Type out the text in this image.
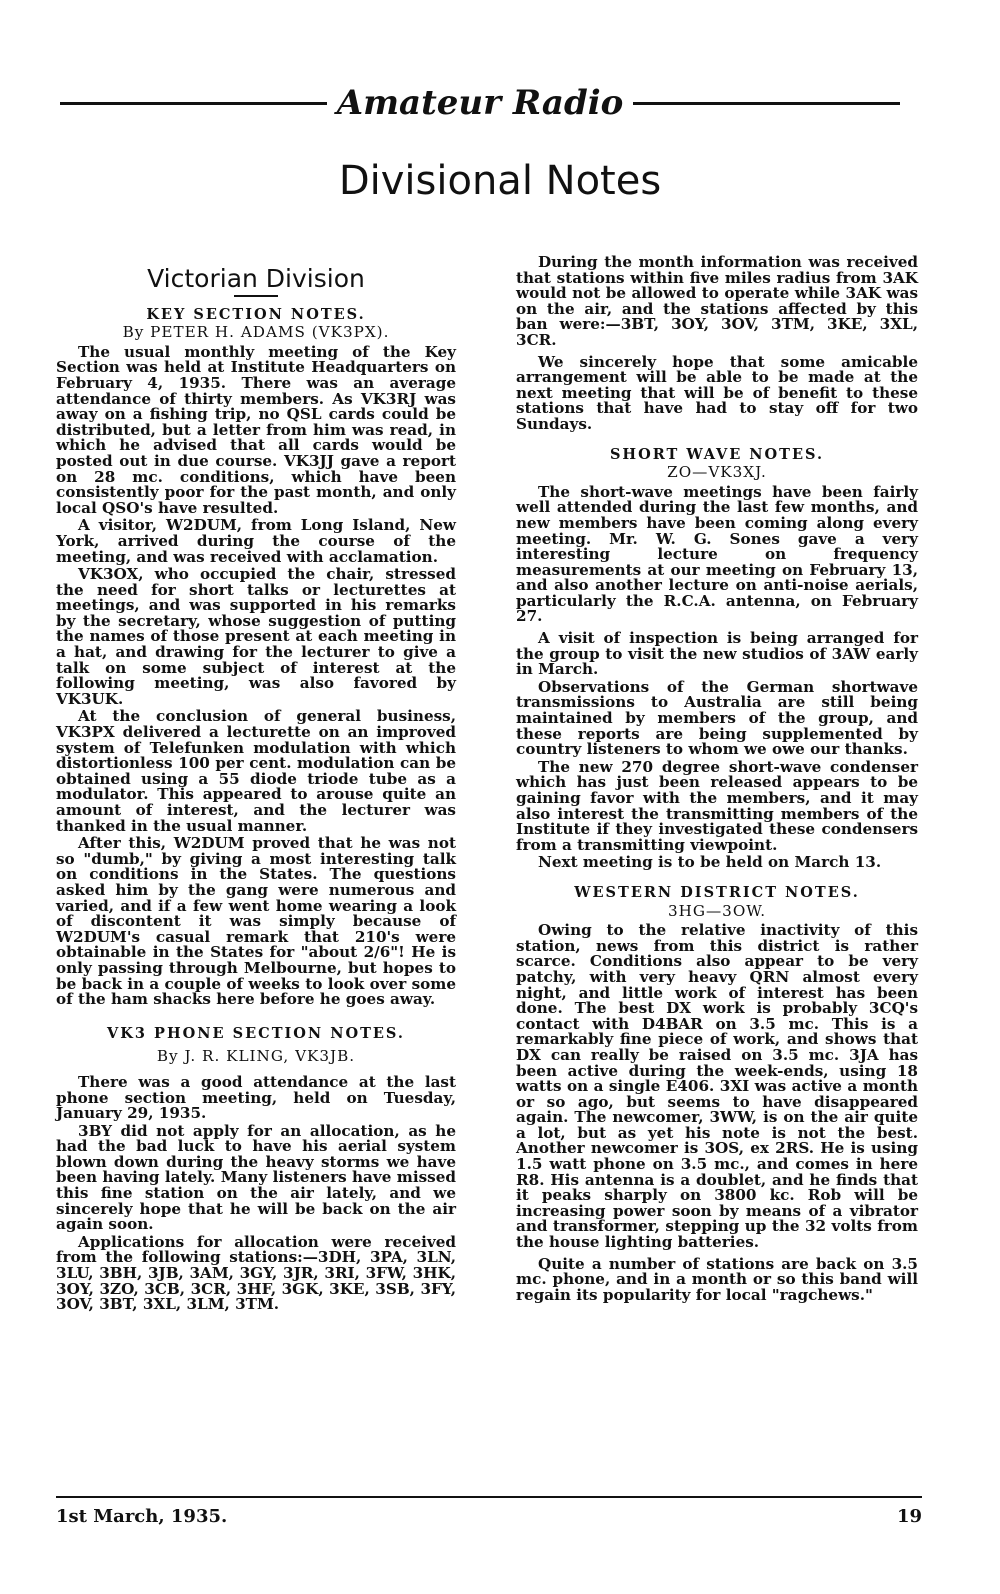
Amateur Radio
Divisional Notes
Victorian Division
KEY SECTION NOTES.
By PETER H. ADAMS (VK3PX).

The usual monthly meeting of the Key Section was held at Institute Headquarters on February 4, 1935. There was an average attendance of thirty members. As VK3RJ was away on a fishing trip, no QSL cards could be distributed, but a letter from him was read, in which he advised that all cards would be posted out in due course. VK3JJ gave a report on 28 mc. conditions, which have been consistently poor for the past month, and only local QSO's have resulted.

A visitor, W2DUM, from Long Island, New York, arrived during the course of the meeting, and was received with acclamation.

VK3OX, who occupied the chair, stressed the need for short talks or lecturettes at meetings, and was supported in his remarks by the secretary, whose suggestion of putting the names of those present at each meeting in a hat, and drawing for the lecturer to give a talk on some subject of interest at the following meeting, was also favored by VK3UK.

At the conclusion of general business, VK3PX delivered a lecturette on an improved system of Telefunken modulation with which distortionless 100 per cent. modulation can be obtained using a 55 diode triode tube as a modulator. This appeared to arouse quite an amount of interest, and the lecturer was thanked in the usual manner.

After this, W2DUM proved that he was not so "dumb," by giving a most interesting talk on conditions in the States. The questions asked him by the gang were numerous and varied, and if a few went home wearing a look of discontent it was simply because of W2DUM's casual remark that 210's were obtainable in the States for "about 2/6"! He is only passing through Melbourne, but hopes to be back in a couple of weeks to look over some of the ham shacks here before he goes away.

VK3 PHONE SECTION NOTES.
By J. R. KLING, VK3JB.

There was a good attendance at the last phone section meeting, held on Tuesday, January 29, 1935.

3BY did not apply for an allocation, as he had the bad luck to have his aerial system blown down during the heavy storms we have been having lately. Many listeners have missed this fine station on the air lately, and we sincerely hope that he will be back on the air again soon.

Applications for allocation were received from the following stations:—3DH, 3PA, 3LN, 3LU, 3BH, 3JB, 3AM, 3GY, 3JR, 3RI, 3FW, 3HK, 3OY, 3ZO, 3CB, 3CR, 3HF, 3GK, 3KE, 3SB, 3FY, 3OV, 3BT, 3XL, 3LM, 3TM.

During the month information was received that stations within five miles radius from 3AK would not be allowed to operate while 3AK was on the air, and the stations affected by this ban were:—3BT, 3OY, 3OV, 3TM, 3KE, 3XL, 3CR.

We sincerely hope that some amicable arrangement will be able to be made at the next meeting that will be of benefit to these stations that have had to stay off for two Sundays.

SHORT WAVE NOTES.
ZO—VK3XJ.

The short-wave meetings have been fairly well attended during the last few months, and new members have been coming along every meeting. Mr. W. G. Sones gave a very interesting lecture on frequency measurements at our meeting on February 13, and also another lecture on anti-noise aerials, particularly the R.C.A. antenna, on February 27.

A visit of inspection is being arranged for the group to visit the new studios of 3AW early in March.

Observations of the German shortwave transmissions to Australia are still being maintained by members of the group, and these reports are being supplemented by country listeners to whom we owe our thanks.

The new 270 degree short-wave condenser which has just been released appears to be gaining favor with the members, and it may also interest the transmitting members of the Institute if they investigated these condensers from a transmitting viewpoint.

Next meeting is to be held on March 13.

WESTERN DISTRICT NOTES.
3HG—3OW.

Owing to the relative inactivity of this station, news from this district is rather scarce. Conditions also appear to be very patchy, with very heavy QRN almost every night, and little work of interest has been done. The best DX work is probably 3CQ's contact with D4BAR on 3.5 mc. This is a remarkably fine piece of work, and shows that DX can really be raised on 3.5 mc. 3JA has been active during the week-ends, using 18 watts on a single E406. 3XI was active a month or so ago, but seems to have disappeared again. The newcomer, 3WW, is on the air quite a lot, but as yet his note is not the best. Another newcomer is 3OS, ex 2RS. He is using 1.5 watt phone on 3.5 mc., and comes in here R8. His antenna is a doublet, and he finds that it peaks sharply on 3800 kc. Rob will be increasing power soon by means of a vibrator and transformer, stepping up the 32 volts from the house lighting batteries.

Quite a number of stations are back on 3.5 mc. phone, and in a month or so this band will regain its popularity for local "ragchews."

1st March, 1935.	19
